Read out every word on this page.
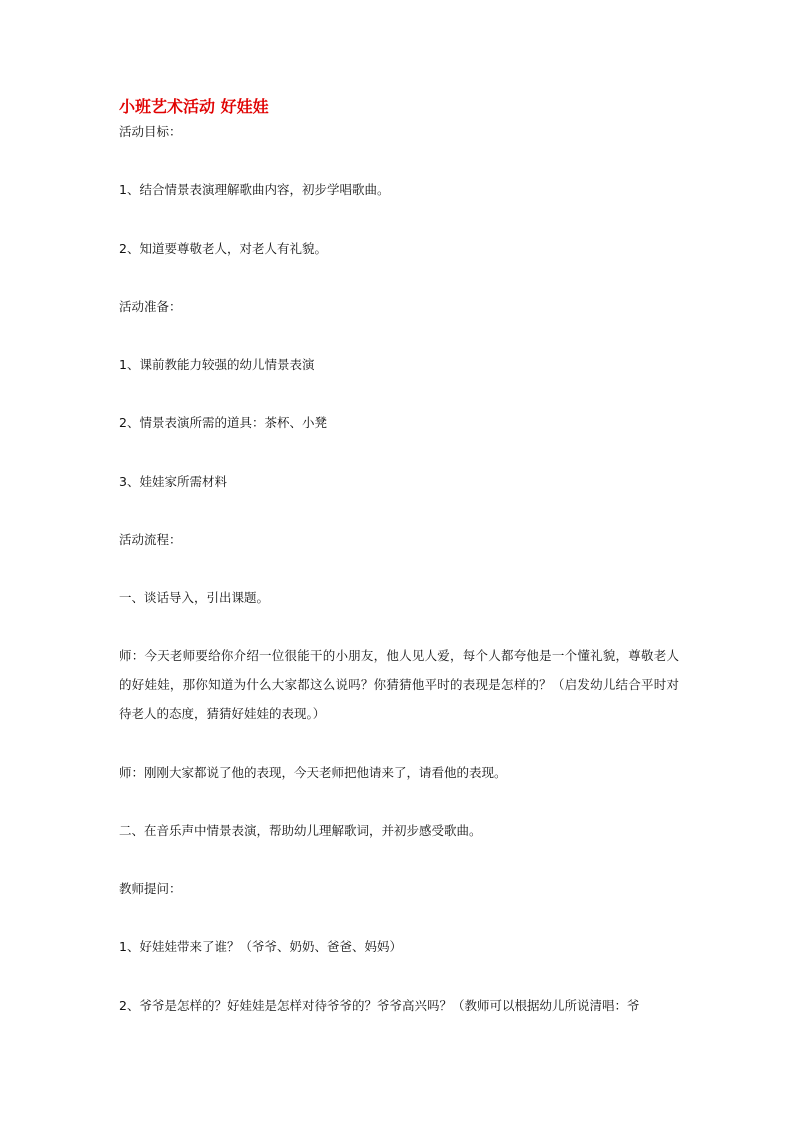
小班艺术活动 好娃娃
活动目标：
1、结合情景表演理解歌曲内容，初步学唱歌曲。
2、知道要尊敬老人，对老人有礼貌。
活动准备：
1、课前教能力较强的幼儿情景表演
2、情景表演所需的道具：茶杯、小凳
3、娃娃家所需材料
活动流程：
一、谈话导入，引出课题。
师：今天老师要给你介绍一位很能干的小朋友，他人见人爱，每个人都夸他是一个懂礼貌，尊敬老人的好娃娃，那你知道为什么大家都这么说吗？你猜猜他平时的表现是怎样的？（启发幼儿结合平时对待老人的态度，猜猜好娃娃的表现。）
师：刚刚大家都说了他的表现，今天老师把他请来了，请看他的表现。
二、在音乐声中情景表演，帮助幼儿理解歌词，并初步感受歌曲。
教师提问：
1、好娃娃带来了谁？（爷爷、奶奶、爸爸、妈妈）
2、爷爷是怎样的？好娃娃是怎样对待爷爷的？爷爷高兴吗？（教师可以根据幼儿所说清唱：爷
